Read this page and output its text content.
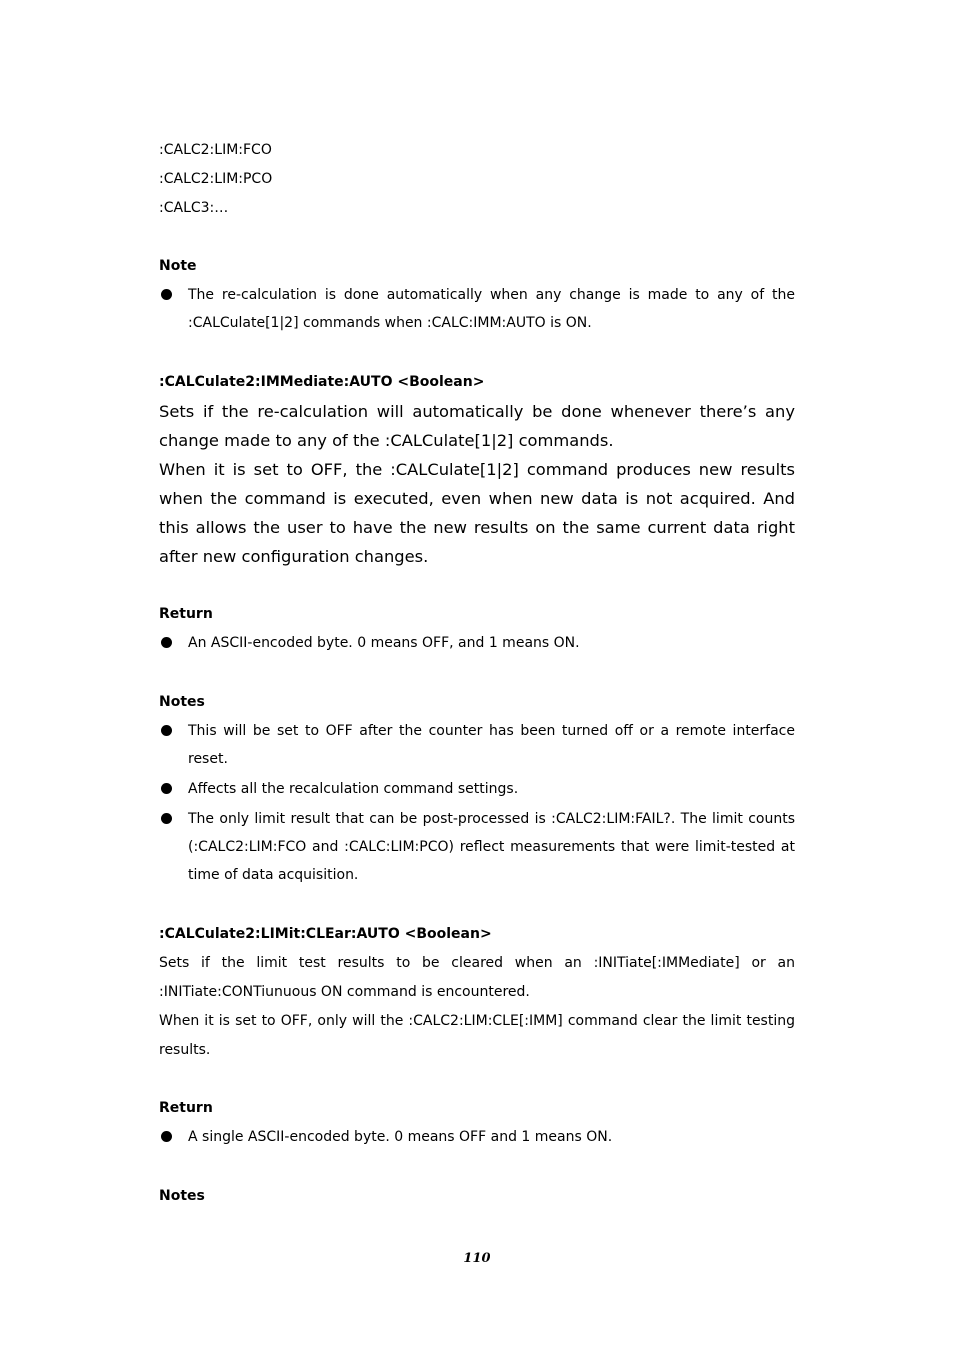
:CALC2:LIM:FCO

:CALC2:LIM:PCO

:CALC3:…

Note

The re-calculation is done automatically when any change is made to any of the :CALCulate[1|2] commands when :CALC:IMM:AUTO is ON.

:CALCulate2:IMMediate:AUTO <Boolean>

Sets if the re-calculation will automatically be done whenever there’s any change made to any of the :CALCulate[1|2] commands.

When it is set to OFF, the :CALCulate[1|2] command produces new results when the command is executed, even when new data is not acquired. And this allows the user to have the new results on the same current data right after new configuration changes.

Return

An ASCII-encoded byte. 0 means OFF, and 1 means ON.

Notes

This will be set to OFF after the counter has been turned off or a remote interface reset.
Affects all the recalculation command settings.
The only limit result that can be post-processed is :CALC2:LIM:FAIL?. The limit counts (:CALC2:LIM:FCO and :CALC:LIM:PCO) reflect measurements that were limit-tested at time of data acquisition.

:CALCulate2:LIMit:CLEar:AUTO <Boolean>

Sets if the limit test results to be cleared when an :INITiate[:IMMediate] or an :INITiate:CONTiunuous ON command is encountered.

When it is set to OFF, only will the :CALC2:LIM:CLE[:IMM] command clear the limit testing results.

Return

A single ASCII-encoded byte. 0 means OFF and 1 means ON.

Notes

110
